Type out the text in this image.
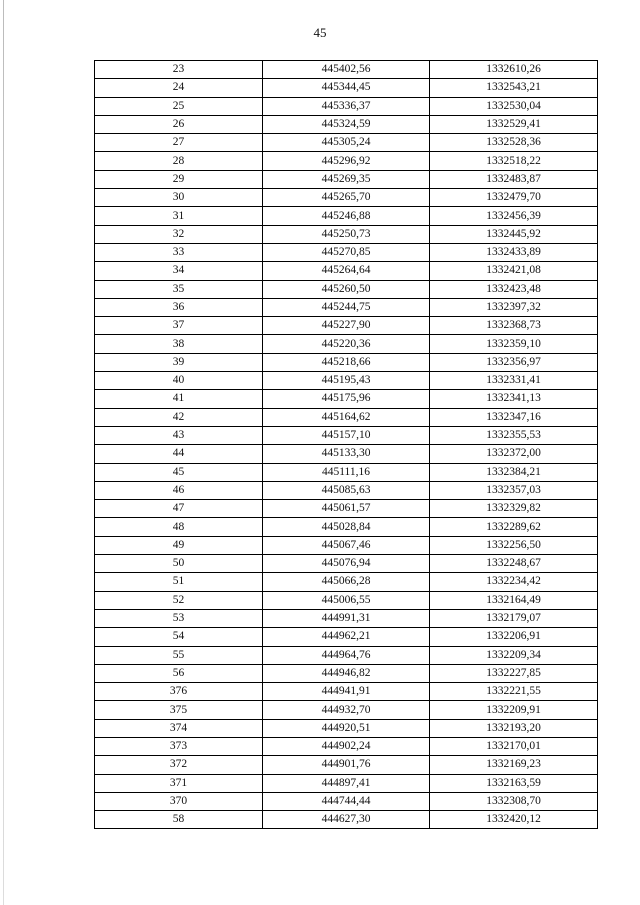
45
23	445402,56	1332610,26
24	445344,45	1332543,21
25	445336,37	1332530,04
26	445324,59	1332529,41
27	445305,24	1332528,36
28	445296,92	1332518,22
29	445269,35	1332483,87
30	445265,70	1332479,70
31	445246,88	1332456,39
32	445250,73	1332445,92
33	445270,85	1332433,89
34	445264,64	1332421,08
35	445260,50	1332423,48
36	445244,75	1332397,32
37	445227,90	1332368,73
38	445220,36	1332359,10
39	445218,66	1332356,97
40	445195,43	1332331,41
41	445175,96	1332341,13
42	445164,62	1332347,16
43	445157,10	1332355,53
44	445133,30	1332372,00
45	445111,16	1332384,21
46	445085,63	1332357,03
47	445061,57	1332329,82
48	445028,84	1332289,62
49	445067,46	1332256,50
50	445076,94	1332248,67
51	445066,28	1332234,42
52	445006,55	1332164,49
53	444991,31	1332179,07
54	444962,21	1332206,91
55	444964,76	1332209,34
56	444946,82	1332227,85
376	444941,91	1332221,55
375	444932,70	1332209,91
374	444920,51	1332193,20
373	444902,24	1332170,01
372	444901,76	1332169,23
371	444897,41	1332163,59
370	444744,44	1332308,70
58	444627,30	1332420,12
